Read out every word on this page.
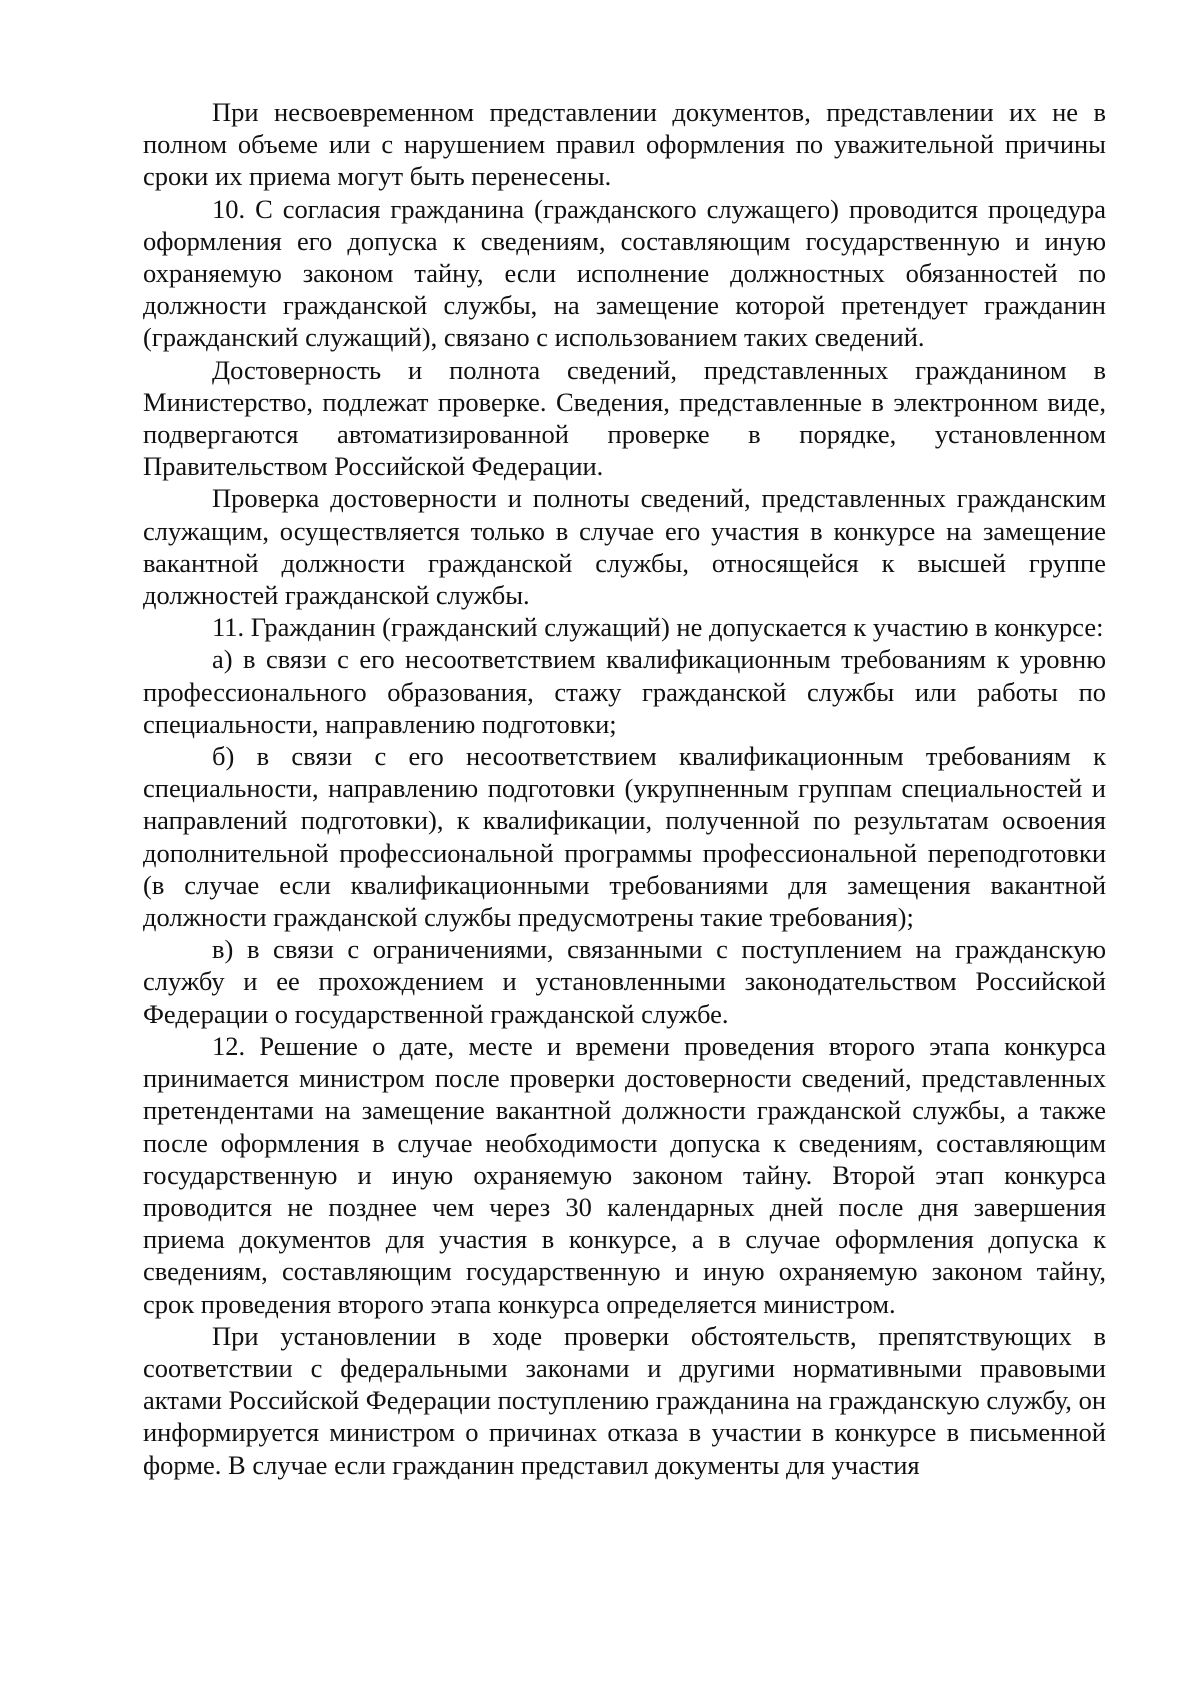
При несвоевременном представлении документов, представлении их не в полном объеме или с нарушением правил оформления по уважительной причины сроки их приема могут быть перенесены.

10. С согласия гражданина (гражданского служащего) проводится процедура оформления его допуска к сведениям, составляющим государственную и иную охраняемую законом тайну, если исполнение должностных обязанностей по должности гражданской службы, на замещение которой претендует гражданин (гражданский служащий), связано с использованием таких сведений.

Достоверность и полнота сведений, представленных гражданином в Министерство, подлежат проверке. Сведения, представленные в электронном виде, подвергаются автоматизированной проверке в порядке, установленном Правительством Российской Федерации.

Проверка достоверности и полноты сведений, представленных гражданским служащим, осуществляется только в случае его участия в конкурсе на замещение вакантной должности гражданской службы, относящейся к высшей группе должностей гражданской службы.

11. Гражданин (гражданский служащий) не допускается к участию в конкурсе:

а) в связи с его несоответствием квалификационным требованиям к уровню профессионального образования, стажу гражданской службы или работы по специальности, направлению подготовки;

б) в связи с его несоответствием квалификационным требованиям к специальности, направлению подготовки (укрупненным группам специальностей и направлений подготовки), к квалификации, полученной по результатам освоения дополнительной профессиональной программы профессиональной переподготовки (в случае если квалификационными требованиями для замещения вакантной должности гражданской службы предусмотрены такие требования);

в) в связи с ограничениями, связанными с поступлением на гражданскую службу и ее прохождением и установленными законодательством Российской Федерации о государственной гражданской службе.

12. Решение о дате, месте и времени проведения второго этапа конкурса принимается министром после проверки достоверности сведений, представленных претендентами на замещение вакантной должности гражданской службы, а также после оформления в случае необходимости допуска к сведениям, составляющим государственную и иную охраняемую законом тайну. Второй этап конкурса проводится не позднее чем через 30 календарных дней после дня завершения приема документов для участия в конкурсе, а в случае оформления допуска к сведениям, составляющим государственную и иную охраняемую законом тайну, срок проведения второго этапа конкурса определяется министром.

При установлении в ходе проверки обстоятельств, препятствующих в соответствии с федеральными законами и другими нормативными правовыми актами Российской Федерации поступлению гражданина на гражданскую службу, он информируется министром о причинах отказа в участии в конкурсе в письменной форме. В случае если гражданин представил документы для участия
